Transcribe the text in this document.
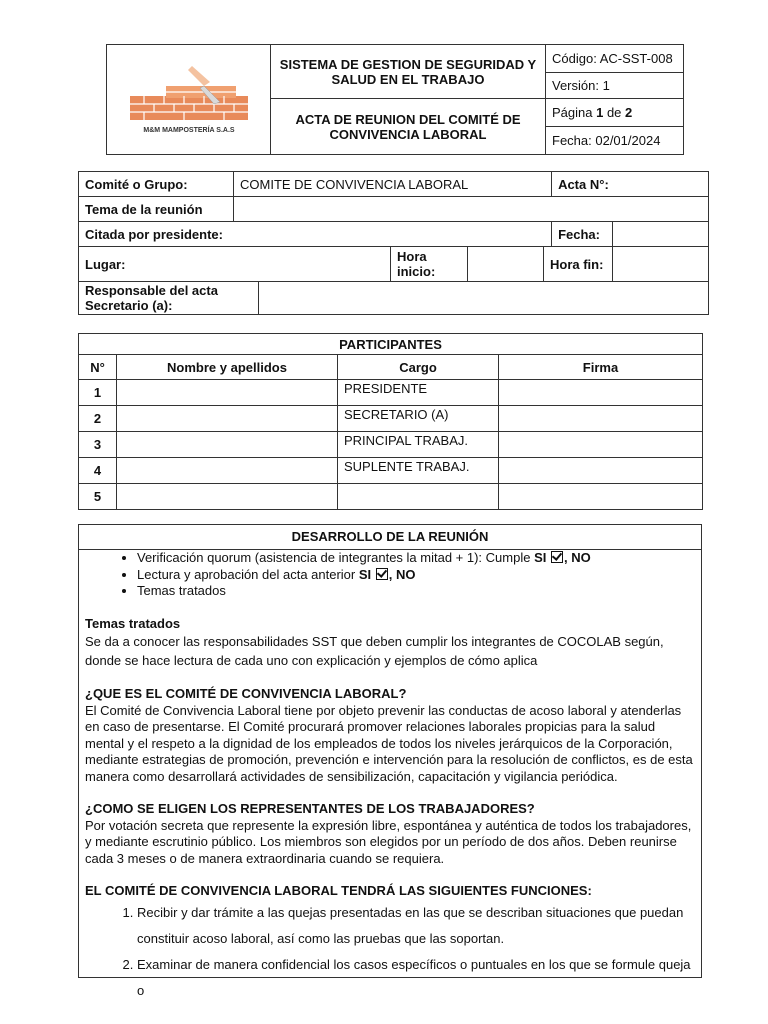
M&M MAMPOSTERÍA S.A.S	SISTEMA DE GESTION DE SEGURIDAD Y SALUD EN EL TRABAJO	Código: AC-SST-008
		Versión: 1
	ACTA DE REUNION DEL COMITÉ DE CONVIVENCIA LABORAL	Página 1 de 2
		Fecha: 02/01/2024
Comité o Grupo:	COMITE DE CONVIVENCIA LABORAL					Acta N°:	
Tema de la reunión							
Citada por presidente:						Fecha:	
Lugar:			Hora inicio:		Hora fin:		
Responsable del acta Secretario (a):							
PARTICIPANTES			
N°	Nombre y apellidos	Cargo	Firma
1		PRESIDENTE	
2		SECRETARIO (A)	
3		PRINCIPAL TRABAJ.	
4		SUPLENTE TRABAJ.	
5			
DESARROLLO DE LA REUNIÓN
• Verificación quorum (asistencia de integrantes la mitad + 1): Cumple SI , NO
• Lectura y aprobación del acta anterior SI , NO
• Temas tratados
Temas tratados
Se da a conocer las responsabilidades SST que deben cumplir los integrantes de COCOLAB según, donde se hace lectura de cada uno con explicación y ejemplos de cómo aplica
¿QUE ES EL COMITÉ DE CONVIVENCIA LABORAL?
El Comité de Convivencia Laboral tiene por objeto prevenir las conductas de acoso laboral y atenderlas en caso de presentarse. El Comité procurará promover relaciones laborales propicias para la salud mental y el respeto a la dignidad de los empleados de todos los niveles jerárquicos de la Corporación, mediante estrategias de promoción, prevención e intervención para la resolución de conflictos, es de esta manera como desarrollará actividades de sensibilización, capacitación y vigilancia periódica.
¿COMO SE ELIGEN LOS REPRESENTANTES DE LOS TRABAJADORES?
Por votación secreta que represente la expresión libre, espontánea y auténtica de todos los trabajadores, y mediante escrutinio público. Los miembros son elegidos por un período de dos años. Deben reunirse cada 3 meses o de manera extraordinaria cuando se requiera.
EL COMITÉ DE CONVIVENCIA LABORAL TENDRÁ LAS SIGUIENTES FUNCIONES:
1. Recibir y dar trámite a las quejas presentadas en las que se describan situaciones que puedan constituir acoso laboral, así como las pruebas que las soportan.
2. Examinar de manera confidencial los casos específicos o puntuales en los que se formule queja o
